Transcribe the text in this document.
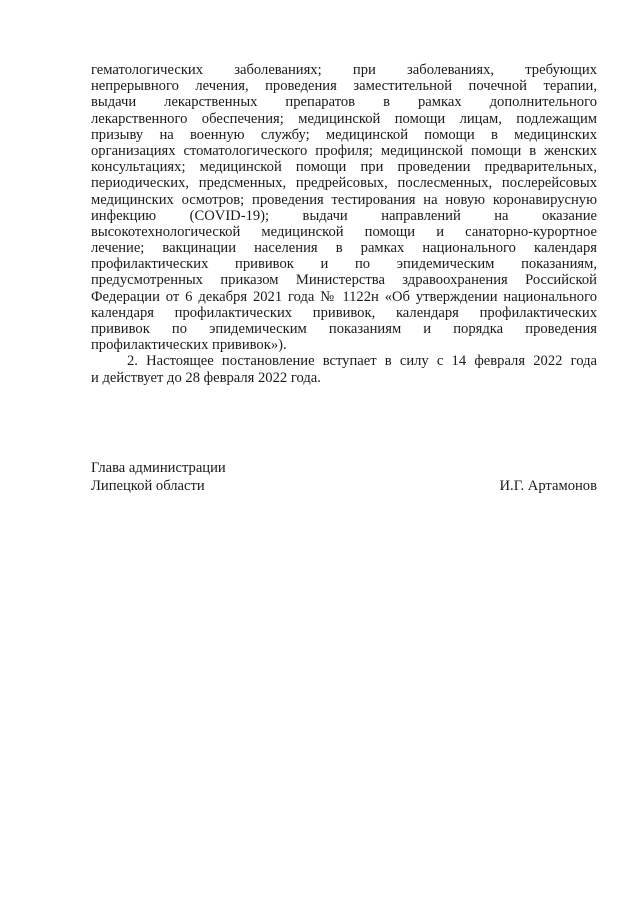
гематологических заболеваниях; при заболеваниях, требующих
непрерывного лечения, проведения заместительной почечной терапии,
выдачи лекарственных препаратов в рамках дополнительного
лекарственного обеспечения; медицинской помощи лицам, подлежащим
призыву на военную службу; медицинской помощи в медицинских
организациях стоматологического профиля; медицинской помощи в женских
консультациях; медицинской помощи при проведении предварительных,
периодических, предсменных, предрейсовых, послесменных, послерейсовых
медицинских осмотров; проведения тестирования на новую коронавирусную
инфекцию (COVID-19); выдачи направлений на оказание
высокотехнологической медицинской помощи и санаторно-курортное
лечение; вакцинации населения в рамках национального календаря
профилактических прививок и по эпидемическим показаниям,
предусмотренных приказом Министерства здравоохранения Российской
Федерации от 6 декабря 2021 года № 1122н «Об утверждении национального
календаря профилактических прививок, календаря профилактических
прививок по эпидемическим показаниям и порядка проведения
профилактических прививок»).
2. Настоящее постановление вступает в силу с 14 февраля 2022 года
и действует до 28 февраля 2022 года.
Глава администрации
Липецкой области	И.Г. Артамонов
